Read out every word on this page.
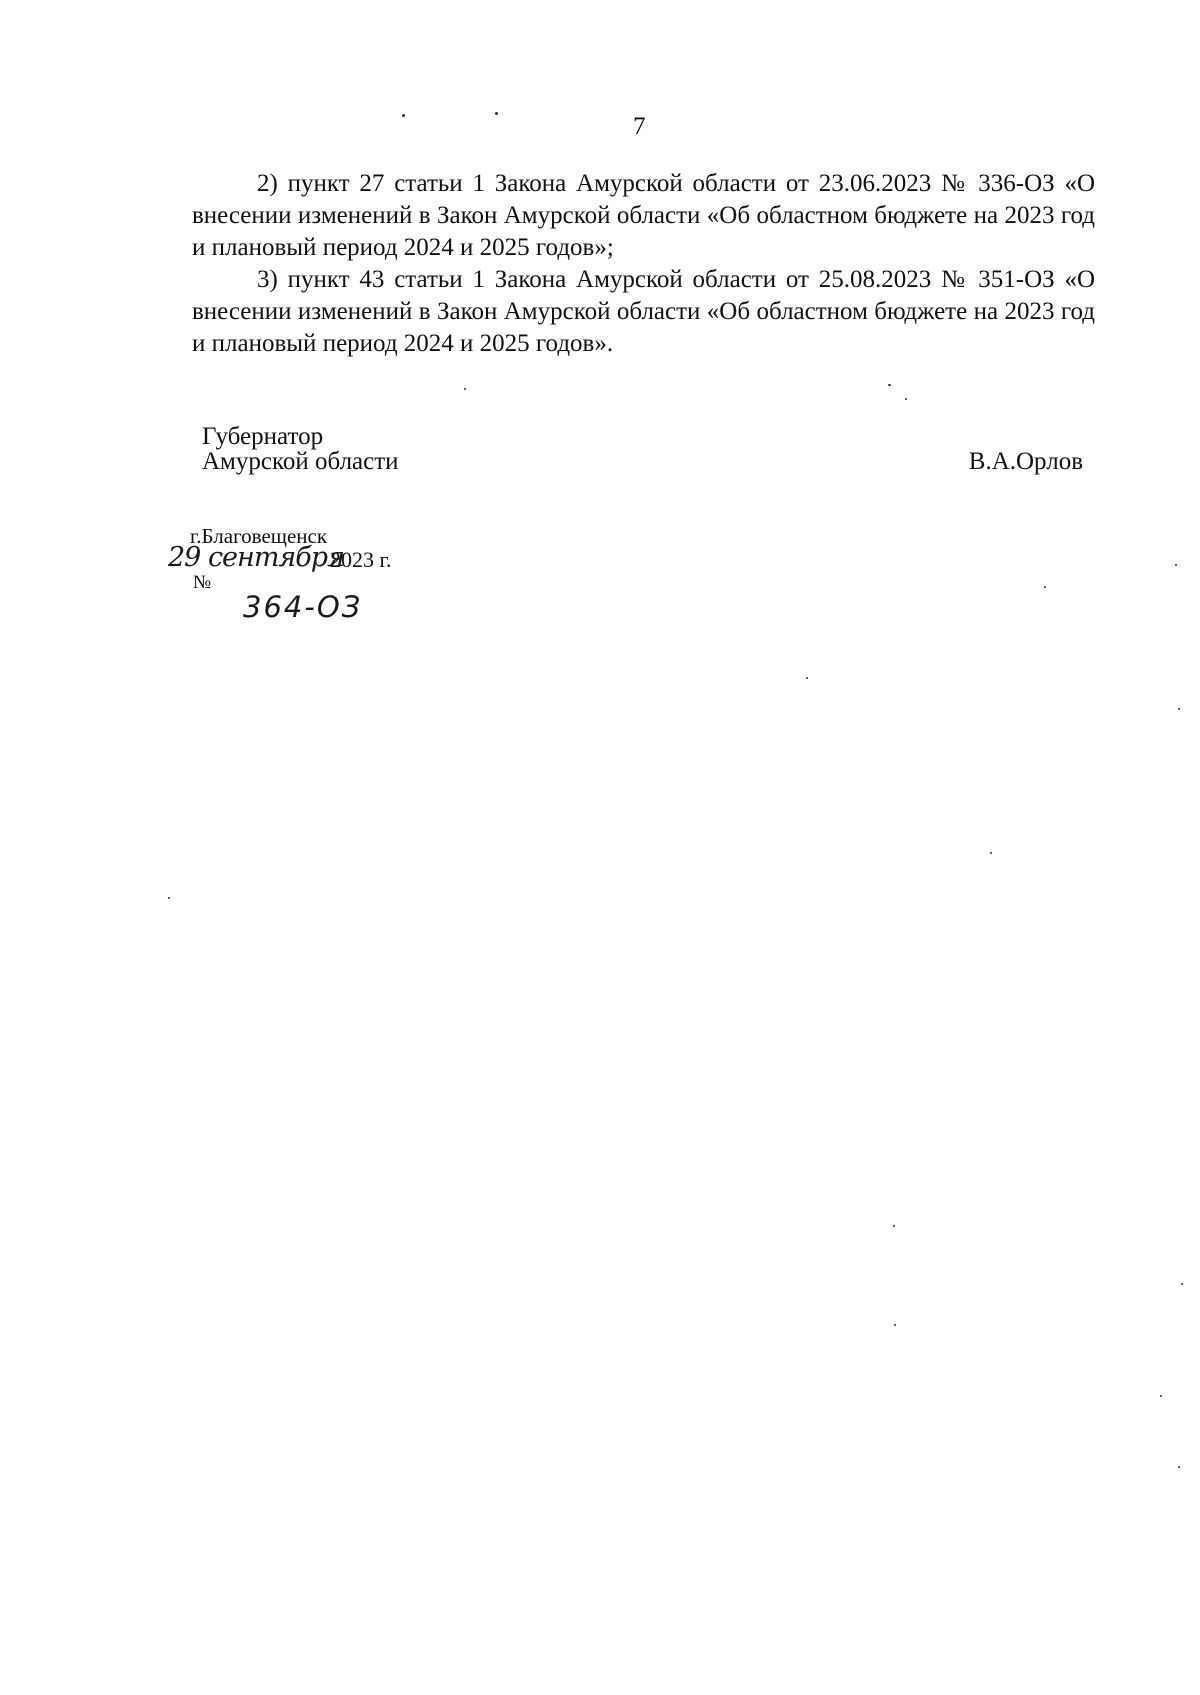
7

2) пункт 27 статьи 1 Закона Амурской области от 23.06.2023 № 336-ОЗ «О внесении изменений в Закон Амурской области «Об областном бюджете на 2023 год и плановый период 2024 и 2025 годов»;

3) пункт 43 статьи 1 Закона Амурской области от 25.08.2023 № 351-ОЗ «О внесении изменений в Закон Амурской области «Об областном бюджете на 2023 год и плановый период 2024 и 2025 годов».

Губернатор
Амурской области	В.А.Орлов
г.Благовещенск
29 сентября
2023 г.
№
364-ОЗ
